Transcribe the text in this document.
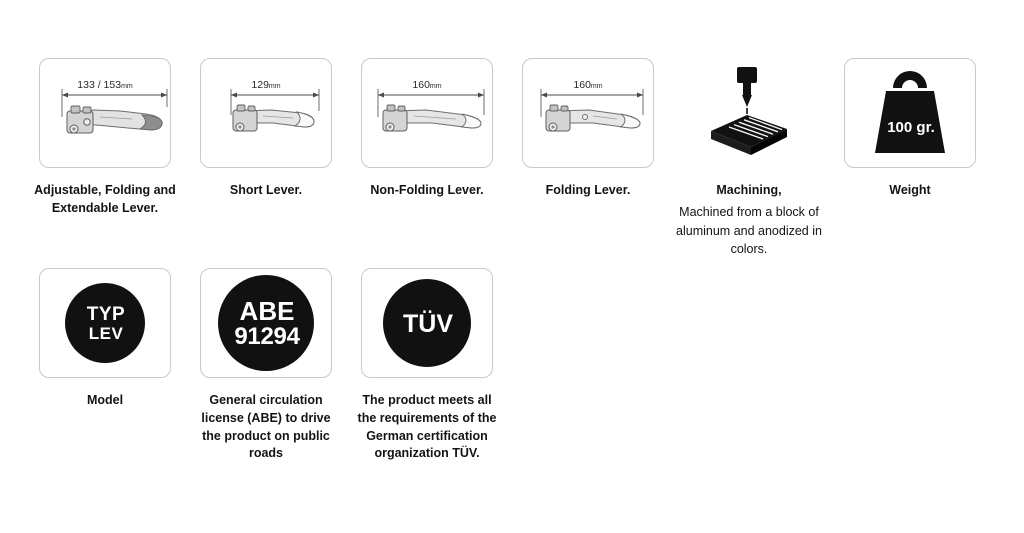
133 / 153mm
Adjustable, Folding and Extendable Lever.
129mm
Short Lever.
160mm
Non-Folding Lever.
160mm
Folding Lever.	Machining,
Machined from a block of aluminum and anodized in colors.
100 gr.
Weight
TYP
LEV
Model
ABE
91294
General circulation license (ABE) to drive the product on public roads
TÜV
The product meets all the requirements of the German certification organization TÜV.
